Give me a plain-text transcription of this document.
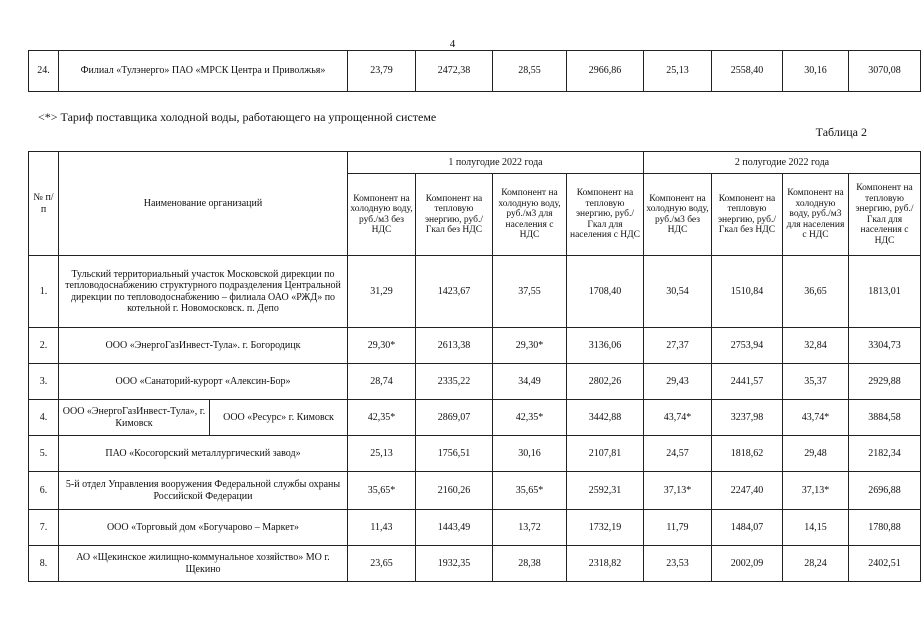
4
24.	Филиал «Тулэнерго» ПАО «МРСК Центра и Приволжья»	23,79	2472,38	28,55	2966,86	25,13	2558,40	30,16	3070,08
<*> Тариф поставщика холодной воды, работающего на упрощенной системе
Таблица 2
№ п/п	Наименование организаций		1 полугодие 2022 года				2 полугодие 2022 года			
			Компонент на холодную воду, руб./м3 без НДС	Компонент на тепловую энергию, руб./Гкал без НДС	Компонент на холодную воду, руб./м3 для населения с НДС	Компонент на тепловую энергию, руб./Гкал для населения с НДС	Компонент на холодную воду, руб./м3 без НДС	Компонент на тепловую энергию, руб./Гкал без НДС	Компонент на холодную воду, руб./м3 для населения с НДС	Компонент на тепловую энергию, руб./Гкал для населения с НДС
1.	Тульский территориальный участок Московской дирекции по тепловодоснабжению структурного подразделения Центральной дирекции по тепловодоснабжению – филиала ОАО «РЖД» по котельной г. Новомосковск. п. Депо		31,29	1423,67	37,55	1708,40	30,54	1510,84	36,65	1813,01
2.	ООО «ЭнергоГазИнвест-Тула». г. Богородицк		29,30*	2613,38	29,30*	3136,06	27,37	2753,94	32,84	3304,73
3.	ООО «Санаторий-курорт «Алексин-Бор»		28,74	2335,22	34,49	2802,26	29,43	2441,57	35,37	2929,88
4.	ООО «ЭнергоГазИнвест-Тула», г. Кимовск	ООО «Ресурс» г. Кимовск	42,35*	2869,07	42,35*	3442,88	43,74*	3237,98	43,74*	3884,58
5.	ПАО «Косогорский металлургический завод»		25,13	1756,51	30,16	2107,81	24,57	1818,62	29,48	2182,34
6.	5-й отдел Управления вооружения Федеральной службы охраны Российской Федерации		35,65*	2160,26	35,65*	2592,31	37,13*	2247,40	37,13*	2696,88
7.	ООО «Торговый дом «Богучарово – Маркет»		11,43	1443,49	13,72	1732,19	11,79	1484,07	14,15	1780,88
8.	АО «Щекинское жилищно-коммунальное хозяйство» МО г. Щекино		23,65	1932,35	28,38	2318,82	23,53	2002,09	28,24	2402,51
